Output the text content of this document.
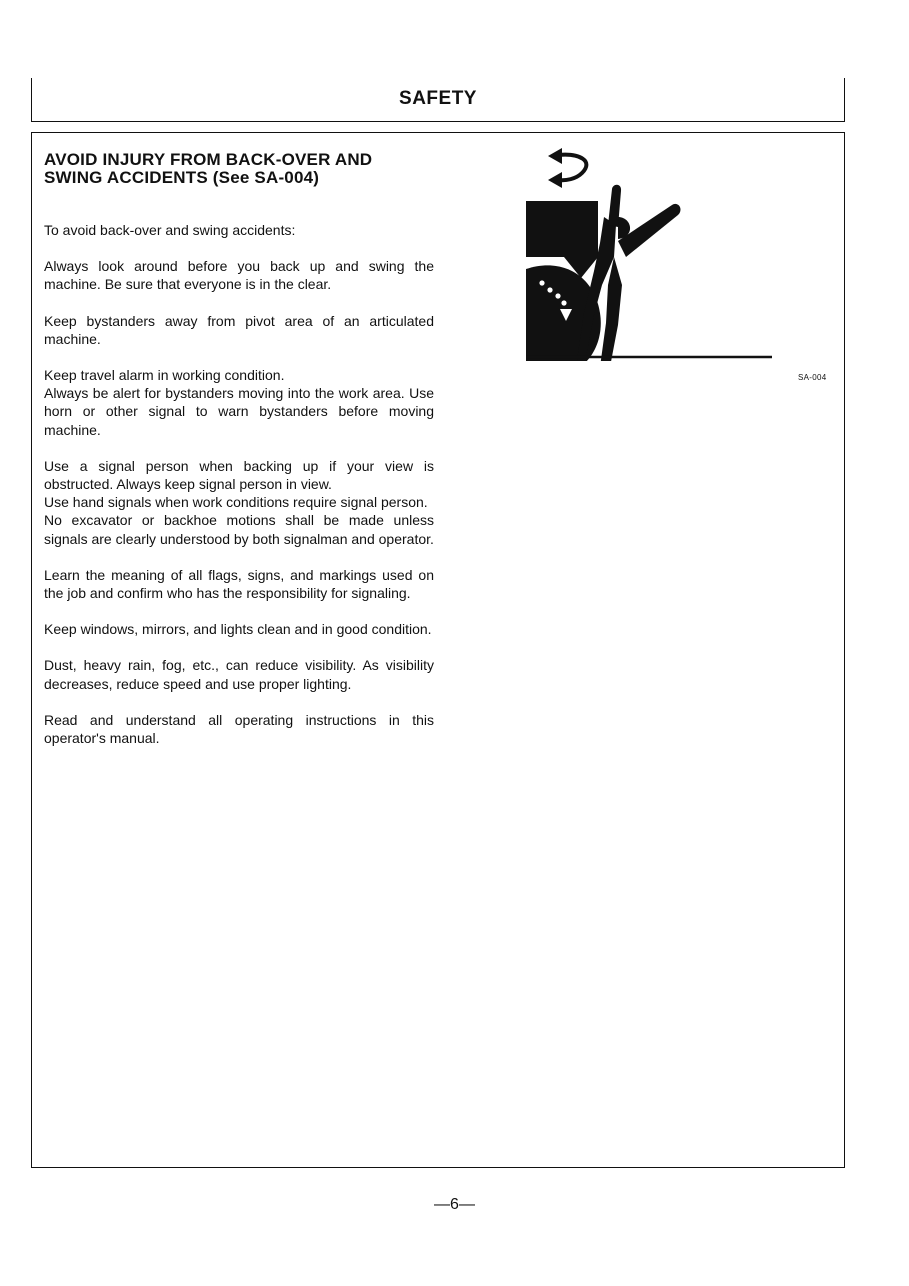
SAFETY
AVOID INJURY FROM BACK-OVER AND
SWING ACCIDENTS (See SA-004)

To avoid back-over and swing accidents:

Always look around before you back up and swing the machine. Be sure that everyone is in the clear.

Keep bystanders away from pivot area of an articulated machine.

Keep travel alarm in working condition.

Always be alert for bystanders moving into the work area. Use horn or other signal to warn bystanders before moving machine.

Use a signal person when backing up if your view is obstructed. Always keep signal person in view.

Use hand signals when work conditions require signal person.

No excavator or backhoe motions shall be made unless signals are clearly understood by both signalman and operator.

Learn the meaning of all flags, signs, and markings used on the job and confirm who has the responsibility for signaling.

Keep windows, mirrors, and lights clean and in good condition.

Dust, heavy rain, fog, etc., can reduce visibility. As visibility decreases, reduce speed and use proper lighting.

Read and understand all operating instructions in this operator's manual.

SA-004
—6—
